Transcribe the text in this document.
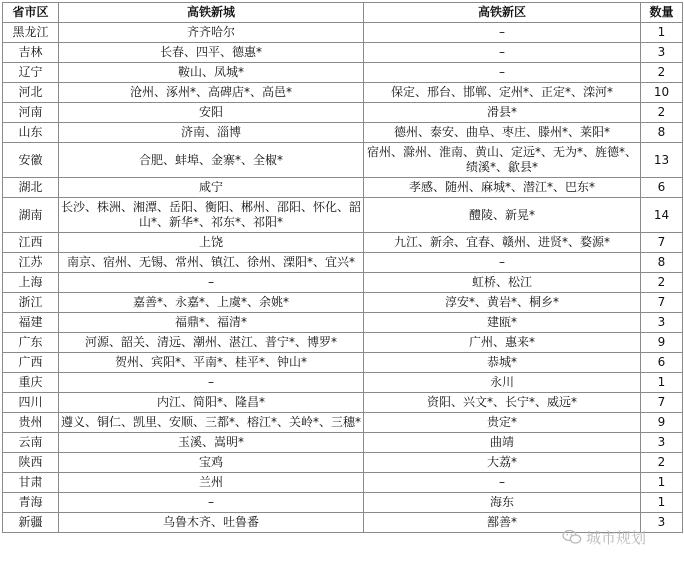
省市区	高铁新城	高铁新区	数量
黑龙江	齐齐哈尔	–	1
吉林	长春、四平、德惠*	–	3
辽宁	鞍山、凤城*	–	2
河北	沧州、涿州*、高碑店*、高邑*	保定、邢台、邯郸、定州*、正定*、滦河*	10
河南	安阳	滑县*	2
山东	济南、淄博	德州、泰安、曲阜、枣庄、滕州*、莱阳*	8
安徽	合肥、蚌埠、金寨*、全椒*	宿州、滁州、淮南、黄山、定远*、无为*、旌德*、绩溪*、歙县*	13
湖北	咸宁	孝感、随州、麻城*、潜江*、巴东*	6
湖南	长沙、株洲、湘潭、岳阳、衡阳、郴州、邵阳、怀化、韶山*、新华*、祁东*、祁阳*	醴陵、新晃*	14
江西	上饶	九江、新余、宜春、赣州、进贤*、婺源*	7
江苏	南京、宿州、无锡、常州、镇江、徐州、溧阳*、宜兴*	–	8
上海	–	虹桥、松江	2
浙江	嘉善*、永嘉*、上虞*、余姚*	淳安*、黄岩*、桐乡*	7
福建	福鼎*、福清*	建瓯*	3
广东	河源、韶关、清远、潮州、湛江、普宁*、博罗*	广州、惠来*	9
广西	贺州、宾阳*、平南*、桂平*、钟山*	恭城*	6
重庆	–	永川	1
四川	内江、简阳*、隆昌*	资阳、兴文*、长宁*、威远*	7
贵州	遵义、铜仁、凯里、安顺、三都*、榕江*、关岭*、三穗*	贵定*	9
云南	玉溪、嵩明*	曲靖	3
陕西	宝鸡	大荔*	2
甘肃	兰州	–	1
青海	–	海东	1
新疆	乌鲁木齐、吐鲁番	鄯善*	3
城市规划
